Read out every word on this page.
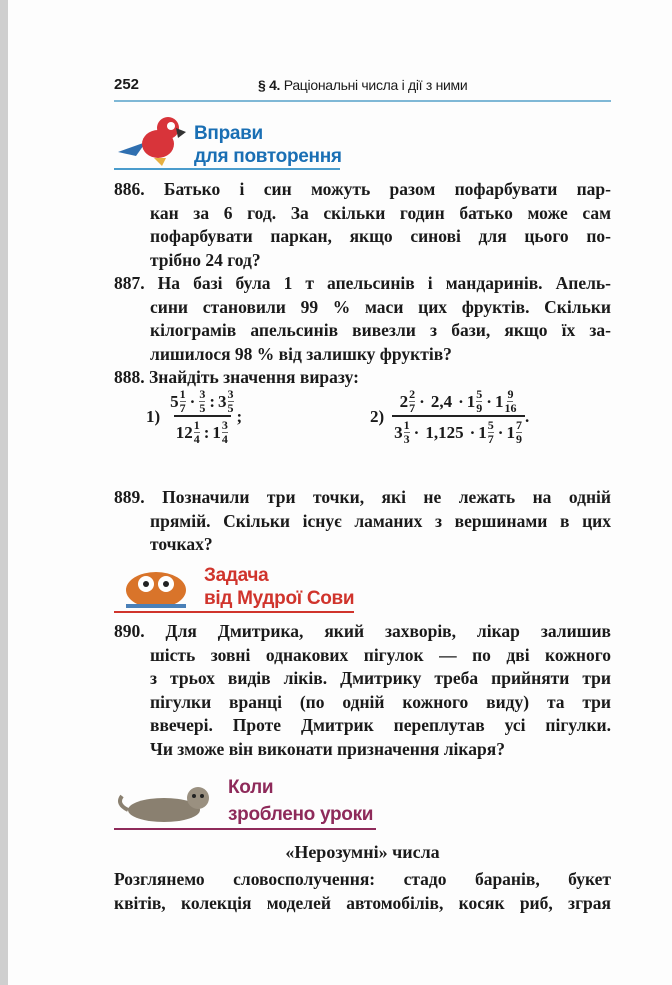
252	§ 4. Раціональні числа і дії з ними
Вправи
для повторення
886. Батько і син можуть разом пофарбувати пар-
кан за 6 год. За скільки годин батько може сам
пофарбувати паркан, якщо синові для цього по-
трібно 24 год?
887. На базі була 1 т апельсинів і мандаринів. Апель-
сини становили 99 % маси цих фруктів. Скільки
кілограмів апельсинів вивезли з бази, якщо їх за-
лишилося 98 % від залишку фруктів?
888. Знайдіть значення виразу:
$1) \frac{5 \frac{1}{7} \cdot \frac{3}{5} : 3 \frac{3}{5}}{12 \frac{1}{4} : 1 \frac{3}{4}}$ ;	$2) \frac{2 \frac{2}{7} \cdot 2,4 \cdot 1 \frac{5}{9} \cdot 1 \frac{9}{16}}{3 \frac{1}{3} \cdot 1,125 \cdot 1 \frac{5}{7} \cdot 1 \frac{7}{9}}$ .
889. Позначили три точки, які не лежать на одній
прямій. Скільки існує ламаних з вершинами в цих
точках?
Задача
від Мудрої Сови
890. Для Дмитрика, який захворів, лікар залишив
шість зовні однакових пігулок — по дві кожного
з трьох видів ліків. Дмитрику треба прийняти три
пігулки вранці (по одній кожного виду) та три
ввечері. Проте Дмитрик переплутав усі пігулки.
Чи зможе він виконати призначення лікаря?
Коли
зроблено уроки
«Нерозумні» числа
Розглянемо словосполучення: стадо баранів, букет
квітів, колекція моделей автомобілів, косяк риб, зграя
